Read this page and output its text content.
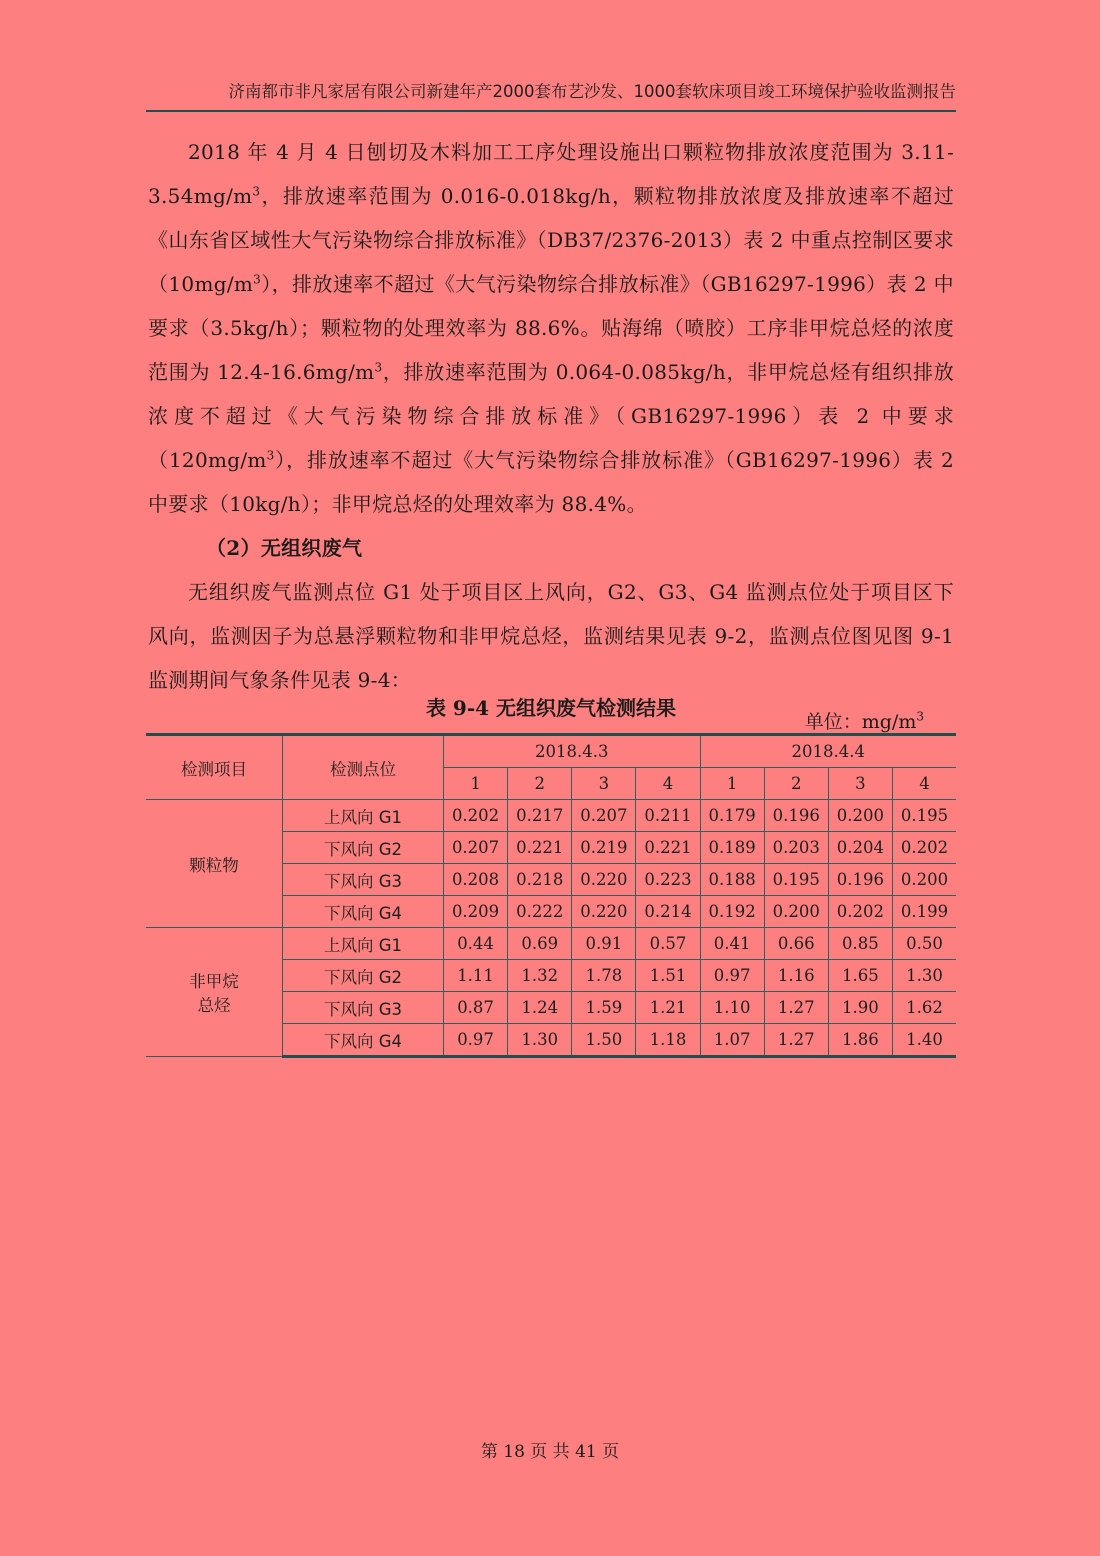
济南都市非凡家居有限公司新建年产2000套布艺沙发、1000套软床项目竣工环境保护验收监测报告

2018 年 4 月 4 日刨切及木料加工工序处理设施出口颗粒物排放浓度范围为 $3.11-3.54mg/m^3$，排放速率范围为 0.016-0.018kg/h，颗粒物排放浓度及排放速率不超过《山东省区域性大气污染物综合排放标准》（DB37/2376-2013）表 2 中重点控制区要求$(10mg/m^3)$，排放速率不超过《大气污染物综合排放标准》（GB16297-1996）表 2 中要求（3.5kg/h）；颗粒物的处理效率为 88.6%。贴海绵（喷胶）工序非甲烷总烃的浓度范围为 $12.4-16.6mg/m^3$，排放速率范围为 0.064-0.085kg/h，非甲烷总烃有组织排放浓度不超过《大气污染物综合排放标准》（GB16297-1996）表 2 中要求$(120mg/m^3)$，排放速率不超过《大气污染物综合排放标准》（GB16297-1996）表 2 中要求（10kg/h）；非甲烷总烃的处理效率为 88.4%。

（2）无组织废气

无组织废气监测点位 G1 处于项目区上风向，G2、G3、G4 监测点位处于项目区下风向，监测因子为总悬浮颗粒物和非甲烷总烃，监测结果见表 9-2，监测点位图见图 9-1 监测期间气象条件见表 9-4：

表 9-4 无组织废气检测结果
单位：$mg/m^3$
检测项目	检测点位	2018.4.3				2018.4.4			
		1	2	3	4	1	2	3	4
颗粒物	上风向 G1	0.202	0.217	0.207	0.211	0.179	0.196	0.200	0.195
	下风向 G2	0.207	0.221	0.219	0.221	0.189	0.203	0.204	0.202
	下风向 G3	0.208	0.218	0.220	0.223	0.188	0.195	0.196	0.200
	下风向 G4	0.209	0.222	0.220	0.214	0.192	0.200	0.202	0.199
非甲烷
总烃	上风向 G1	0.44	0.69	0.91	0.57	0.41	0.66	0.85	0.50
	下风向 G2	1.11	1.32	1.78	1.51	0.97	1.16	1.65	1.30
	下风向 G3	0.87	1.24	1.59	1.21	1.10	1.27	1.90	1.62
	下风向 G4	0.97	1.30	1.50	1.18	1.07	1.27	1.86	1.40
第 18 页 共 41 页
